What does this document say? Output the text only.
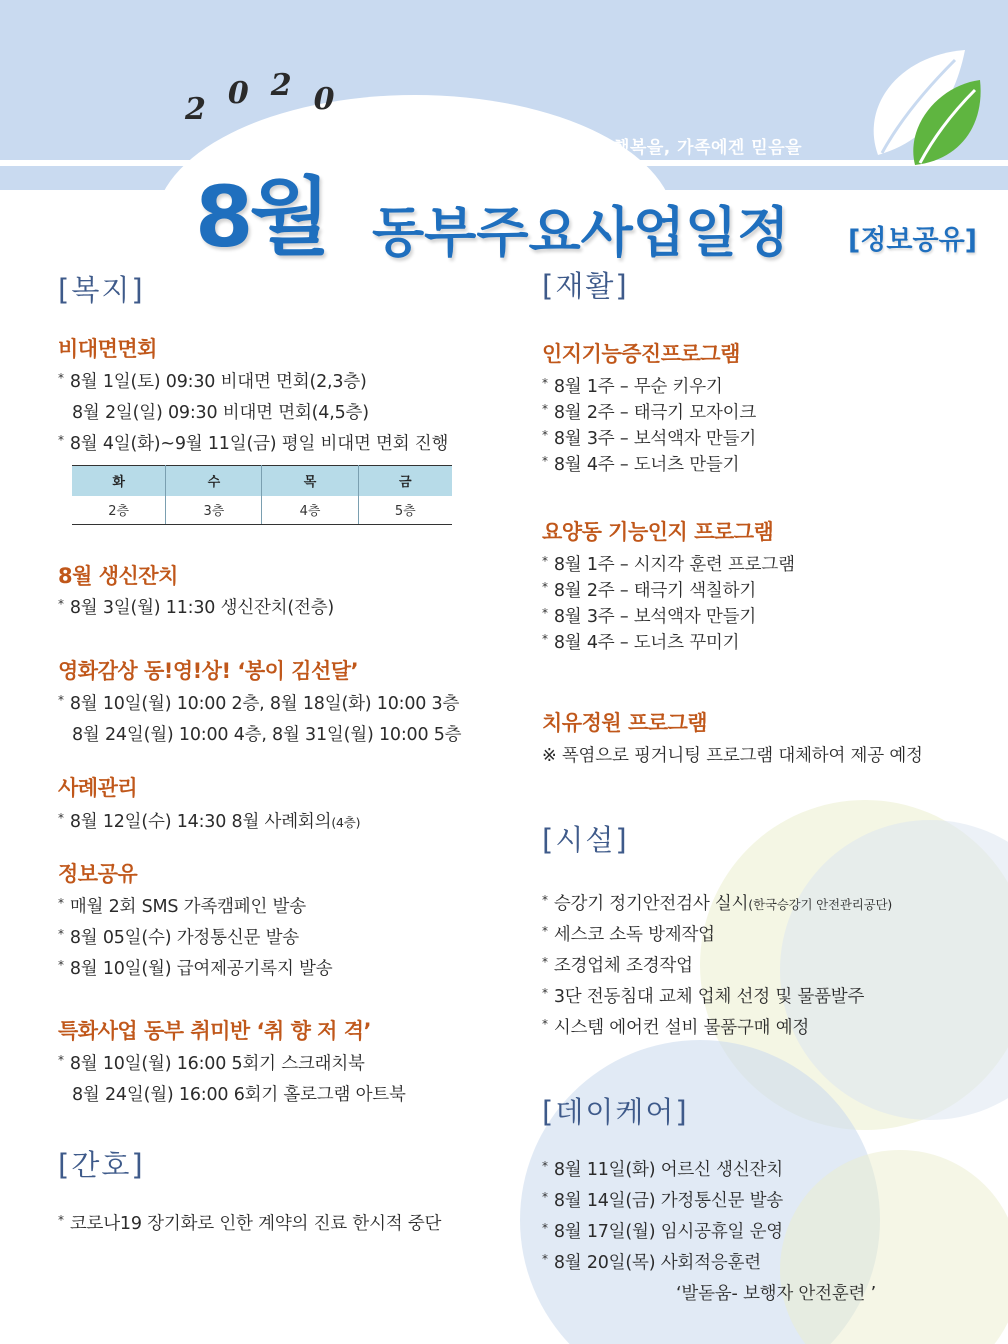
2 0 2 0
어르신에겐 행복을, 가족에겐 믿음을
8월 동부주요사업일정 [정보공유]
[복지]
비대면면회
* 8월 1일(토) 09:30 비대면 면회(2,3층)
8월 2일(일) 09:30 비대면 면회(4,5층)
* 8월 4일(화)~9월 11일(금) 평일 비대면 면회 진행
화	수	목	금
2층	3층	4층	5층
8월 생신잔치
* 8월 3일(월) 11:30 생신잔치(전층)
영화감상 동!영!상! ‘봉이 김선달’
* 8월 10일(월) 10:00 2층, 8월 18일(화) 10:00 3층
8월 24일(월) 10:00 4층, 8월 31일(월) 10:00 5층
사례관리
* 8월 12일(수) 14:30 8월 사례회의(4층)
정보공유
* 매월 2회 SMS 가족캠페인 발송
* 8월 05일(수) 가정통신문 발송
* 8월 10일(월) 급여제공기록지 발송
특화사업 동부 취미반 ‘취 향 저 격’
* 8월 10일(월) 16:00 5회기 스크래치북
8월 24일(월) 16:00 6회기 홀로그램 아트북
[간호]
* 코로나19 장기화로 인한 계약의 진료 한시적 중단
[재활]
인지기능증진프로그램
* 8월 1주 – 무순 키우기
* 8월 2주 – 태극기 모자이크
* 8월 3주 – 보석액자 만들기
* 8월 4주 – 도너츠 만들기
요양동 기능인지 프로그램
* 8월 1주 – 시지각 훈련 프로그램
* 8월 2주 – 태극기 색칠하기
* 8월 3주 – 보석액자 만들기
* 8월 4주 – 도너츠 꾸미기
치유정원 프로그램
※ 폭염으로 핑거니팅 프로그램 대체하여 제공 예정
[시설]
* 승강기 정기안전검사 실시(한국승강기 안전관리공단)
* 세스코 소독 방제작업
* 조경업체 조경작업
* 3단 전동침대 교체 업체 선정 및 물품발주
* 시스템 에어컨 설비 물품구매 예정
[데이케어]
* 8월 11일(화) 어르신 생신잔치
* 8월 14일(금) 가정통신문 발송
* 8월 17일(월) 임시공휴일 운영
* 8월 20일(목) 사회적응훈련
‘발돋움- 보행자 안전훈련 ’
